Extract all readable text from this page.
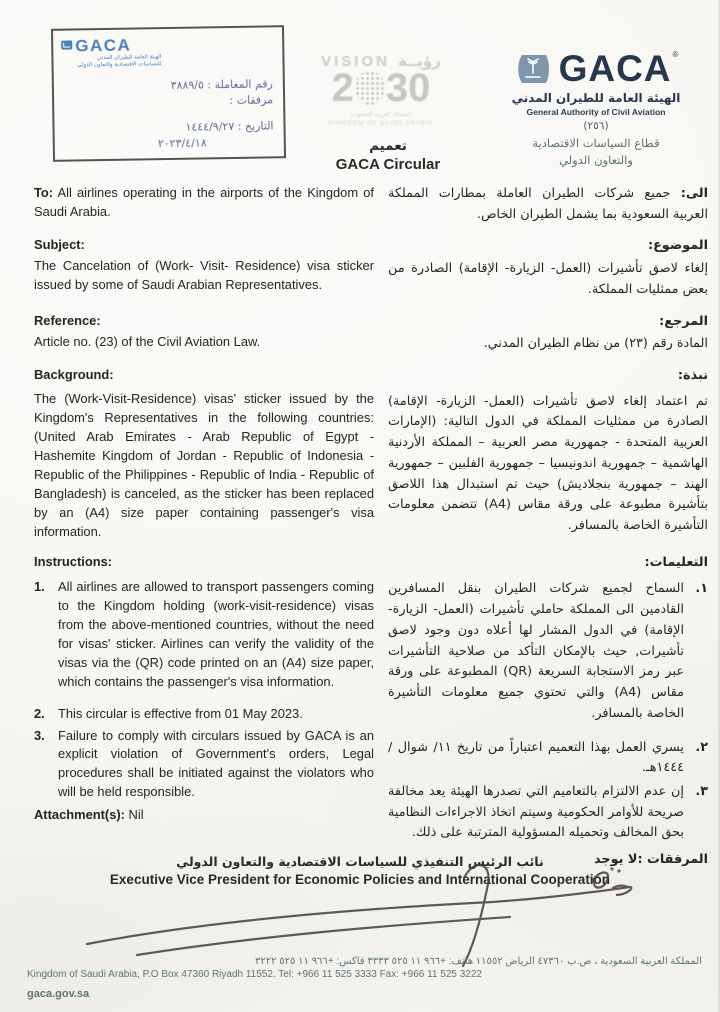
GACA
الهيئة العامة للطيران المدني للسياسات الاقتصادية والتعاون الدولي
رقم المعاملة : ٣٨٨٩/٥
مرفقات :
التاريخ : ١٤٤٤/٩/٢٧
٢٠٢٣/٤/١٨
VISION رؤيــة
2 30
المملكة العربية السعودية
KINGDOM OF SAUDI ARABIA
GACA®
الهيئة العامة للطيران المدني
General Authority of Civil Aviation
(٢٥٦)
قطاع السياسات الاقتصادية
والتعاون الدولي
تعميم
GACA Circular
To: All airlines operating in the airports of the Kingdom of Saudi Arabia.
الى: جميع شركات الطيران العاملة بمطارات المملكة العربية السعودية بما يشمل الطيران الخاص.
Subject:
The Cancelation of (Work- Visit- Residence) visa sticker issued by some of Saudi Arabian Representatives.
الموضوع:
إلغاء لاصق تأشيرات (العمل- الزيارة- الإقامة) الصادرة من بعض ممثليات المملكة.
Reference:
Article no. (23) of the Civil Aviation Law.
المرجع:
المادة رقم (٢٣) من نظام الطيران المدني.
Background:
The (Work-Visit-Residence) visas' sticker issued by the Kingdom's Representatives in the following countries: (United Arab Emirates - Arab Republic of Egypt - Hashemite Kingdom of Jordan - Republic of Indonesia - Republic of the Philippines - Republic of India - Republic of Bangladesh) is canceled, as the sticker has been replaced by an (A4) size paper containing passenger's visa information.
نبذة:
تم اعتماد إلغاء لاصق تأشيرات (العمل- الزيارة- الإقامة) الصادرة من ممثليات المملكة في الدول التالية: (الإمارات العربية المتحدة - جمهورية مصر العربية – المملكة الأردنية الهاشمية – جمهورية اندونيسيا – جمهورية الفلبين – جمهورية الهند – جمهورية بنجلاديش) حيث تم استبدال هذا اللاصق بتأشيرة مطبوعة على ورقة مقاس (A4) تتضمن معلومات التأشيرة الخاصة بالمسافر.
Instructions:
1.	All airlines are allowed to transport passengers coming to the Kingdom holding (work-visit-residence) visas from the above-mentioned countries, without the need for visas' sticker. Airlines can verify the validity of the visas via the (QR) code printed on an (A4) size paper, which contains the passenger's visa information.
2.	This circular is effective from 01 May 2023.
3.	Failure to comply with circulars issued by GACA is an explicit violation of Government's orders, Legal procedures shall be initiated against the violators who will be held responsible.
Attachment(s): Nil
التعليمات:
١.
السماح لجميع شركات الطيران بنقل المسافرين القادمين الى المملكة حاملي تأشيرات (العمل- الزيارة- الإقامة) في الدول المشار لها أعلاه دون وجود لاصق تأشيرات, حيث بالإمكان التأكد من صلاحية التأشيرات عبر رمز الاستجابة السريعة (QR) المطبوعة على ورقة مقاس (A4) والتي تحتوي جميع معلومات التأشيرة الخاصة بالمسافر.
٢.
يسري العمل بهذا التعميم اعتباراً من تاريخ ١١/ شوال /١٤٤٤هـ.
٣.
إن عدم الالتزام بالتعاميم التي تصدرها الهيئة يعد مخالفة صريحة للأوامر الحكومية وسيتم اتخاذ الاجراءات النظامية بحق المخالف وتحميله المسؤولية المترتبة على ذلك.
المرفقات :لا يوجد
نائب الرئيس التنفيذي للسياسات الاقتصادية والتعاون الدولي
Executive Vice President for Economic Policies and International Cooperation
المملكة العربية السعودية ، ص.ب ٤٧٣٦٠ الرياض ١١٥٥٢ هاتف: +٩٦٦ ١١ ٥٢٥ ٣٣٣٣ فاكس: +٩٦٦ ١١ ٥٢٥ ٣٢٢٢
Kingdom of Saudi Arabia, P.O Box 47360 Riyadh 11552. Tel: +966 11 525 3333 Fax: +966 11 525 3222
gaca.gov.sa
